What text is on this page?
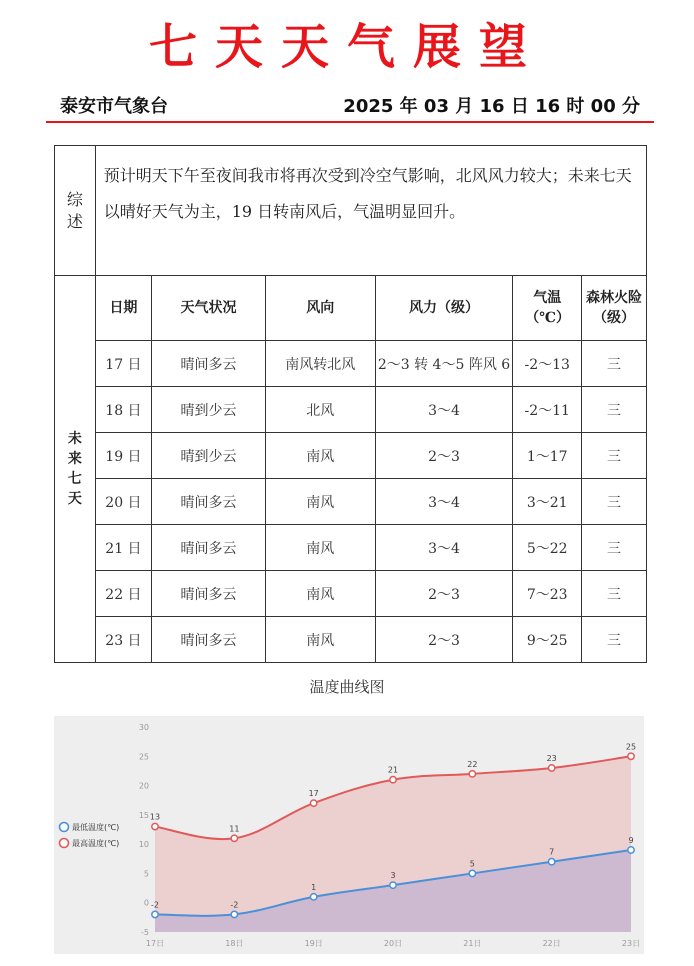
七天天气展望
泰安市气象台	2025 年 03 月 16 日 16 时 00 分
综述	预计明天下午至夜间我市将再次受到冷空气影响，北风风力较大；未来七天以晴好天气为主，19 日转南风后，气温明显回升。					

未来七天	日期	天气状况	风向	风力（级）	气温（℃）	森林火险（级）

	17 日	晴间多云	南风转北风	2～3 转 4～5 阵风 6	-2～13	三
	18 日	晴到少云	北风	3～4	-2～11	三
	19 日	晴到少云	南风	2～3	1～17	三
	20 日	晴间多云	南风	3～4	3～21	三
	21 日	晴间多云	南风	3～4	5～22	三
	22 日	晴间多云	南风	2～3	7～23	三
	23 日	晴间多云	南风	2～3	9～25	三
温度曲线图
-5
0
5
10
15
20
25
30
17日	18日	19日	20日	21日	22日	23日
-2	-2
1
3
5
7
9
13
11
17
21
22
23
25
最低温度(℃)
最高温度(℃)
